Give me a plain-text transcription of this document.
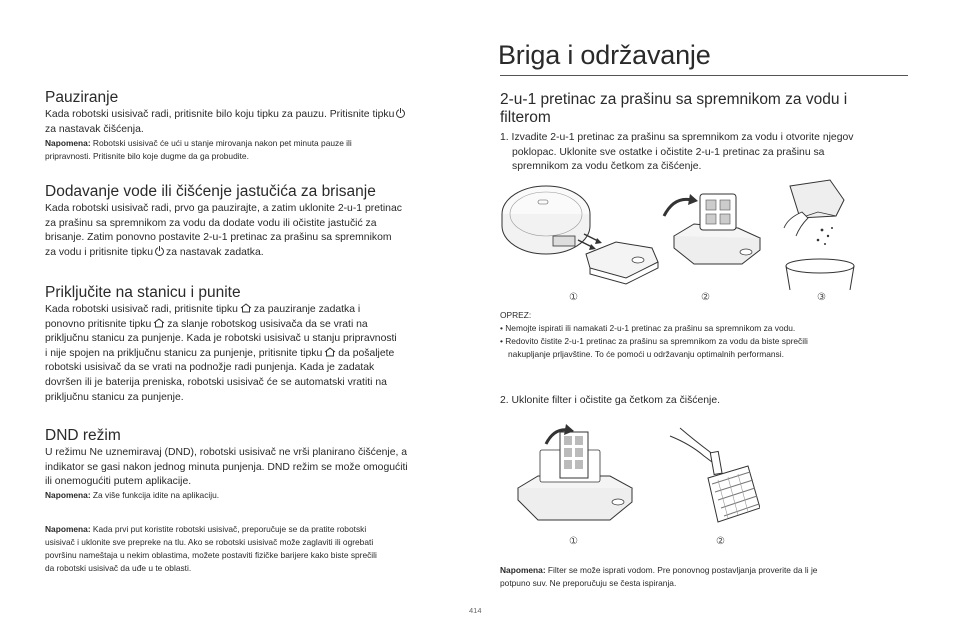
Briga i održavanje
Pauziranje
Kada robotski usisivač radi, pritisnite bilo koju tipku za pauzu. Pritisnite tipku
za nastavak čišćenja.
Napomena: Robotski usisivač će ući u stanje mirovanja nakon pet minuta pauze ili
pripravnosti. Pritisnite bilo koje dugme da ga probudite.
Dodavanje vode ili čišćenje jastučića za brisanje
Kada robotski usisivač radi, prvo ga pauzirajte, a zatim uklonite 2-u-1 pretinac
za prašinu sa spremnikom za vodu da dodate vodu ili očistite jastučić za
brisanje. Zatim ponovno postavite 2-u-1 pretinac za prašinu sa spremnikom
za vodu i pritisnite tipku za nastavak zadatka.
Priključite na stanicu i punite
Kada robotski usisivač radi, pritisnite tipku za pauziranje zadatka i
ponovno pritisnite tipku za slanje robotskog usisivača da se vrati na
priključnu stanicu za punjenje. Kada je robotski usisivač u stanju pripravnosti
i nije spojen na priključnu stanicu za punjenje, pritisnite tipku da pošaljete
robotski usisivač da se vrati na podnožje radi punjenja. Kada je zadatak
dovršen ili je baterija preniska, robotski usisivač će se automatski vratiti na
priključnu stanicu za punjenje.
DND režim
U režimu Ne uznemiravaj (DND), robotski usisivač ne vrši planirano čišćenje, a
indikator se gasi nakon jednog minuta punjenja. DND režim se može omogućiti
ili onemogućiti putem aplikacije.
Napomena: Za više funkcija idite na aplikaciju.
Napomena: Kada prvi put koristite robotski usisivač, preporučuje se da pratite robotski
usisivač i uklonite sve prepreke na tlu. Ako se robotski usisivač može zaglaviti ili ogrebati
površinu nameštaja u nekim oblastima, možete postaviti fizičke barijere kako biste sprečili
da robotski usisivač da uđe u te oblasti.
2-u-1 pretinac za prašinu sa spremnikom za vodu i
filterom
1. Izvadite 2-u-1 pretinac za prašinu sa spremnikom za vodu i otvorite njegov
poklopac. Uklonite sve ostatke i očistite 2-u-1 pretinac za prašinu sa
spremnikom za vodu četkom za čišćenje.
①	②	③
OPREZ:
• Nemojte ispirati ili namakati 2-u-1 pretinac za prašinu sa spremnikom za vodu.
• Redovito čistite 2-u-1 pretinac za prašinu sa spremnikom za vodu da biste sprečili
nakupljanje prljavštine. To će pomoći u održavanju optimalnih performansi.
2. Uklonite filter i očistite ga četkom za čišćenje.
①	②
Napomena: Filter se može isprati vodom. Pre ponovnog postavljanja proverite da li je
potpuno suv. Ne preporučuju se česta ispiranja.
414
